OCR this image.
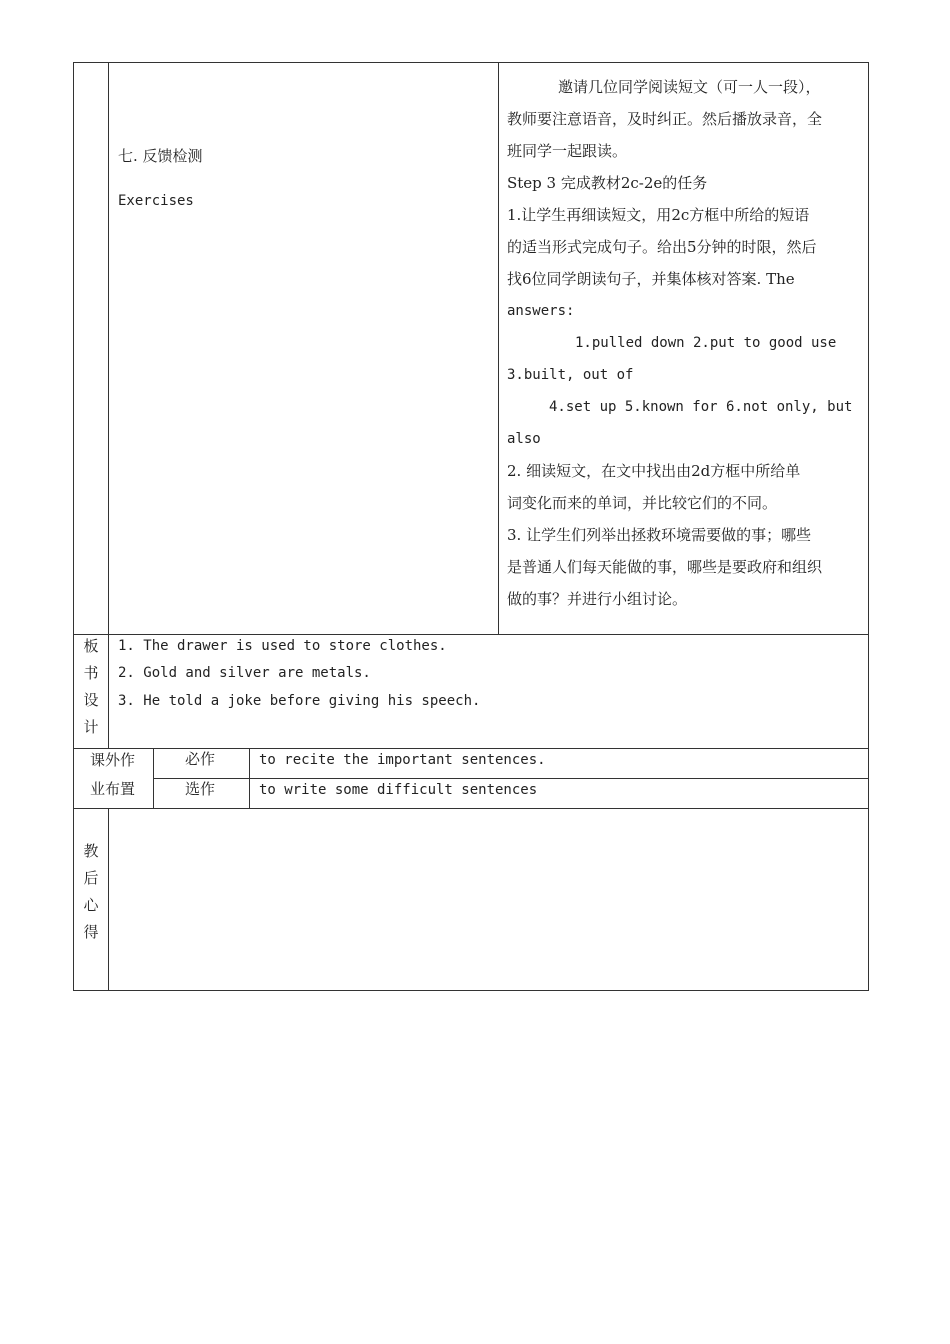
七. 反馈检测
Exercises
邀请几位同学阅读短文（可一人一段），
教师要注意语音，及时纠正。然后播放录音，全
班同学一起跟读。
Step 3 完成教材2c-2e的任务
1.让学生再细读短文，用2c方框中所给的短语
的适当形式完成句子。给出5分钟的时限，然后
找6位同学朗读句子，并集体核对答案. The
answers:
1.pulled down 2.put to good use
3.built, out of
4.set up 5.known for 6.not only, but
also
2. 细读短文，在文中找出由2d方框中所给单
词变化而来的单词，并比较它们的不同。
3. 让学生们列举出拯救环境需要做的事；哪些
是普通人们每天能做的事，哪些是要政府和组织
做的事？并进行小组讨论。
板书设计
1. The drawer is used to store clothes.
2. Gold and silver are metals.
3. He told a joke before giving his speech.
课外作
业布置
必作	to recite the important sentences.
选作	to write some difficult sentences
教后心得
